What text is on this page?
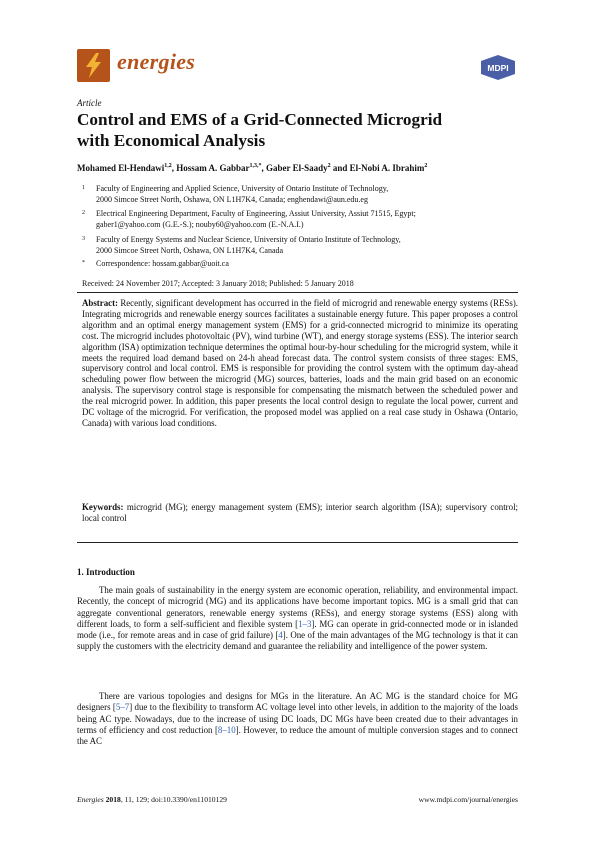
energies	MDPI
Article
Control and EMS of a Grid-Connected Microgrid
with Economical Analysis
Mohamed El-Hendawi$^{1,2}$, Hossam A. Gabbar$^{1,3,*}$, Gaber El-Saady$^2$ and El-Nobi A. Ibrahim$^2$
1 Faculty of Engineering and Applied Science, University of Ontario Institute of Technology,
2000 Simcoe Street North, Oshawa, ON L1H7K4, Canada; enghendawi@aun.edu.eg
2 Electrical Engineering Department, Faculty of Engineering, Assiut University, Assiut 71515, Egypt;
gaber1@yahoo.com (G.E.-S.); nouby60@yahoo.com (E.-N.A.I.)
3 Faculty of Energy Systems and Nuclear Science, University of Ontario Institute of Technology,
2000 Simcoe Street North, Oshawa, ON L1H7K4, Canada
* Correspondence: hossam.gabbar@uoit.ca
Received: 24 November 2017; Accepted: 3 January 2018; Published: 5 January 2018
Abstract: Recently, significant development has occurred in the field of microgrid and renewable energy systems (RESs). Integrating microgrids and renewable energy sources facilitates a sustainable energy future. This paper proposes a control algorithm and an optimal energy management system (EMS) for a grid-connected microgrid to minimize its operating cost. The microgrid includes photovoltaic (PV), wind turbine (WT), and energy storage systems (ESS). The interior search algorithm (ISA) optimization technique determines the optimal hour-by-hour scheduling for the microgrid system, while it meets the required load demand based on 24-h ahead forecast data. The control system consists of three stages: EMS, supervisory control and local control. EMS is responsible for providing the control system with the optimum day-ahead scheduling power flow between the microgrid (MG) sources, batteries, loads and the main grid based on an economic analysis. The supervisory control stage is responsible for compensating the mismatch between the scheduled power and the real microgrid power. In addition, this paper presents the local control design to regulate the local power, current and DC voltage of the microgrid. For verification, the proposed model was applied on a real case study in Oshawa (Ontario, Canada) with various load conditions.
Keywords: microgrid (MG); energy management system (EMS); interior search algorithm (ISA); supervisory control; local control
1. Introduction
The main goals of sustainability in the energy system are economic operation, reliability, and environmental impact. Recently, the concept of microgrid (MG) and its applications have become important topics. MG is a small grid that can aggregate conventional generators, renewable energy systems (RESs), and energy storage systems (ESS) along with different loads, to form a self-sufficient and flexible system [1–3]. MG can operate in grid-connected mode or in islanded mode (i.e., for remote areas and in case of grid failure) [4]. One of the main advantages of the MG technology is that it can supply the customers with the electricity demand and guarantee the reliability and intelligence of the power system.
There are various topologies and designs for MGs in the literature. An AC MG is the standard choice for MG designers [5–7] due to the flexibility to transform AC voltage level into other levels, in addition to the majority of the loads being AC type. Nowadays, due to the increase of using DC loads, DC MGs have been created due to their advantages in terms of efficiency and cost reduction [8–10]. However, to reduce the amount of multiple conversion stages and to connect the AC
Energies 2018, 11, 129; doi:10.3390/en11010129	www.mdpi.com/journal/energies
